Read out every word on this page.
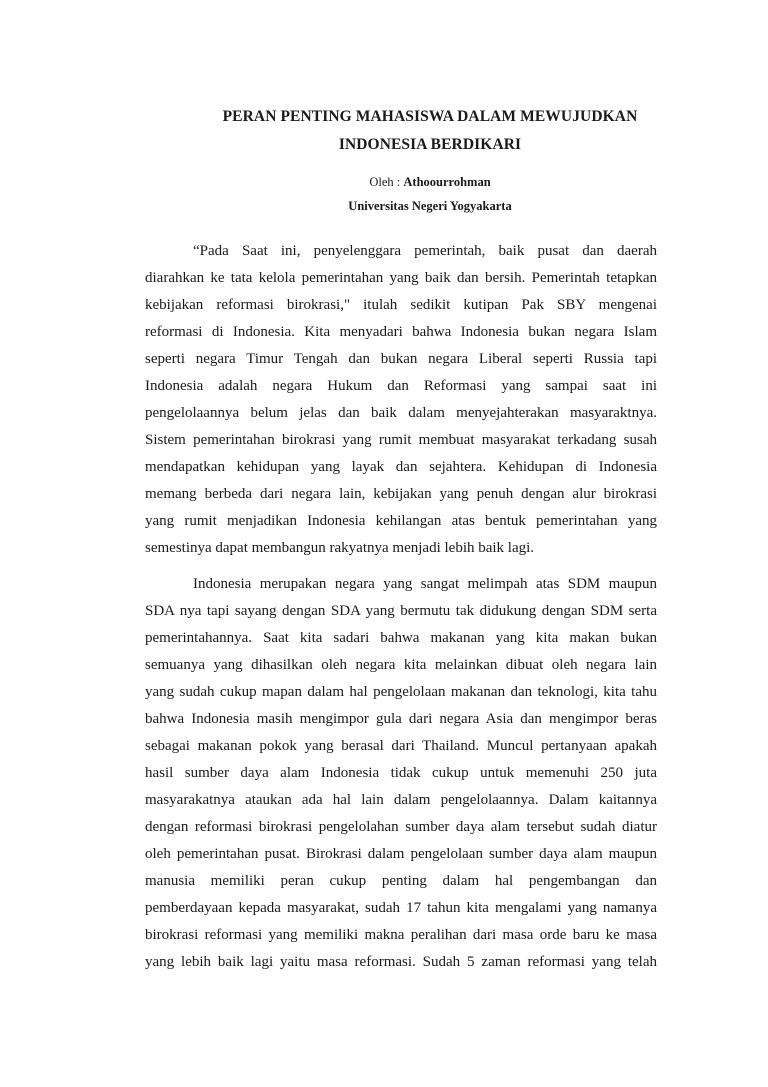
PERAN PENTING MAHASISWA DALAM MEWUJUDKAN
INDONESIA BERDIKARI
Oleh : Athoourrohman
Universitas Negeri Yogyakarta
“Pada Saat ini, penyelenggara pemerintah, baik pusat dan daerah
diarahkan ke tata kelola pemerintahan yang baik dan bersih. Pemerintah tetapkan
kebijakan reformasi birokrasi," itulah sedikit kutipan Pak SBY mengenai
reformasi di Indonesia. Kita menyadari bahwa Indonesia bukan negara Islam
seperti negara Timur Tengah dan bukan negara Liberal seperti Russia tapi
Indonesia adalah negara Hukum dan Reformasi yang sampai saat ini
pengelolaannya belum jelas dan baik dalam menyejahterakan masyaraktnya.
Sistem pemerintahan birokrasi yang rumit membuat masyarakat terkadang susah
mendapatkan kehidupan yang layak dan sejahtera. Kehidupan di Indonesia
memang berbeda dari negara lain, kebijakan yang penuh dengan alur birokrasi
yang rumit menjadikan Indonesia kehilangan atas bentuk pemerintahan yang
semestinya dapat membangun rakyatnya menjadi lebih baik lagi.
Indonesia merupakan negara yang sangat melimpah atas SDM maupun
SDA nya tapi sayang dengan SDA yang bermutu tak didukung dengan SDM serta
pemerintahannya. Saat kita sadari bahwa makanan yang kita makan bukan
semuanya yang dihasilkan oleh negara kita melainkan dibuat oleh negara lain
yang sudah cukup mapan dalam hal pengelolaan makanan dan teknologi, kita tahu
bahwa Indonesia masih mengimpor gula dari negara Asia dan mengimpor beras
sebagai makanan pokok yang berasal dari Thailand. Muncul pertanyaan apakah
hasil sumber daya alam Indonesia tidak cukup untuk memenuhi 250 juta
masyarakatnya ataukan ada hal lain dalam pengelolaannya. Dalam kaitannya
dengan reformasi birokrasi pengelolahan sumber daya alam tersebut sudah diatur
oleh pemerintahan pusat. Birokrasi dalam pengelolaan sumber daya alam maupun
manusia memiliki peran cukup penting dalam hal pengembangan dan
pemberdayaan kepada masyarakat, sudah 17 tahun kita mengalami yang namanya
birokrasi reformasi yang memiliki makna peralihan dari masa orde baru ke masa
yang lebih baik lagi yaitu masa reformasi. Sudah 5 zaman reformasi yang telah
